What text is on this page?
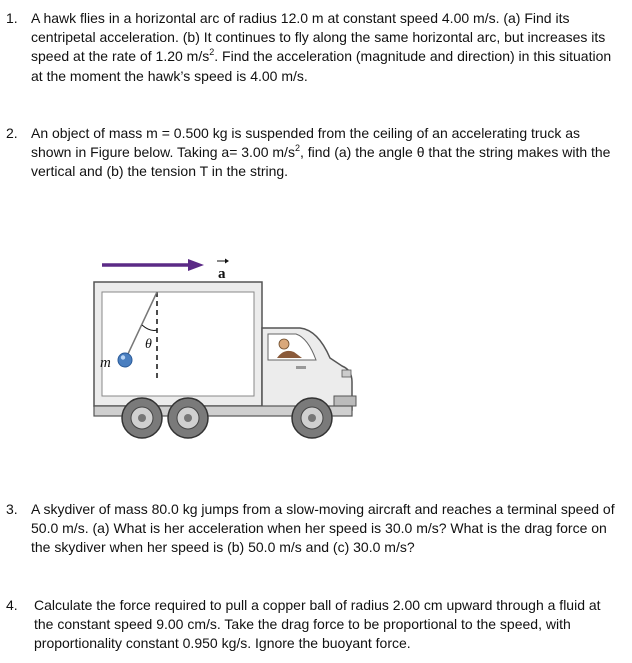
1. A hawk flies in a horizontal arc of radius 12.0 m at constant speed 4.00 m/s. (a) Find its centripetal acceleration. (b) It continues to fly along the same horizontal arc, but increases its speed at the rate of 1.20 $m/s^2$. Find the acceleration (magnitude and direction) in this situation at the moment the hawk’s speed is 4.00 m/s.
2. An object of mass m = 0.500 kg is suspended from the ceiling of an accelerating truck as shown in Figure below. Taking a= 3.00 $m/s^2$, find (a) the angle θ that the string makes with the vertical and (b) the tension T in the string.
a
θ
m
3. A skydiver of mass 80.0 kg jumps from a slow-moving aircraft and reaches a terminal speed of 50.0 m/s. (a) What is her acceleration when her speed is 30.0 m/s? What is the drag force on the skydiver when her speed is (b) 50.0 m/s and (c) 30.0 m/s?
4. Calculate the force required to pull a copper ball of radius 2.00 cm upward through a fluid at the constant speed 9.00 cm/s. Take the drag force to be proportional to the speed, with proportionality constant 0.950 kg/s. Ignore the buoyant force.
